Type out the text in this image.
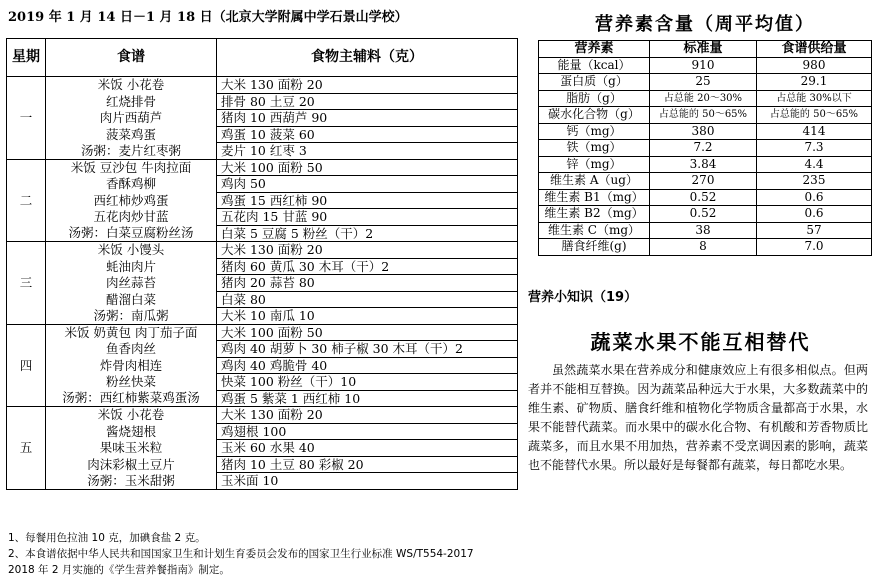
2019 年 1 月 14 日－1 月 18 日（北京大学附属中学石景山学校）
星期	食谱	食物主辅料（克）
一	米饭 小花卷	大米 130 面粉 20
	红烧排骨	排骨 80 土豆 20
	肉片西葫芦	猪肉 10 西葫芦 90
	菠菜鸡蛋	鸡蛋 10 菠菜 60
	汤粥：麦片红枣粥	麦片 10 红枣 3
二	米饭 豆沙包 牛肉拉面	大米 100 面粉 50
	香酥鸡柳	鸡肉 50
	西红柿炒鸡蛋	鸡蛋 15 西红柿 90
	五花肉炒甘蓝	五花肉 15 甘蓝 90
	汤粥：白菜豆腐粉丝汤	白菜 5 豆腐 5 粉丝（干）2
三	米饭 小馒头	大米 130 面粉 20
	蚝油肉片	猪肉 60 黄瓜 30 木耳（干）2
	肉丝蒜苔	猪肉 20 蒜苔 80
	醋溜白菜	白菜 80
	汤粥：南瓜粥	大米 10 南瓜 10
四	米饭 奶黄包 肉丁茄子面	大米 100 面粉 50
	鱼香肉丝	鸡肉 40 胡萝卜 30 柿子椒 30 木耳（干）2
	炸骨肉相连	鸡肉 40 鸡脆骨 40
	粉丝快菜	快菜 100 粉丝（干）10
	汤粥：西红柿紫菜鸡蛋汤	鸡蛋 5 紫菜 1 西红柿 10
五	米饭 小花卷	大米 130 面粉 20
	酱烧翅根	鸡翅根 100
	果味玉米粒	玉米 60 水果 40
	肉沫彩椒土豆片	猪肉 10 土豆 80 彩椒 20
	汤粥：玉米甜粥	玉米面 10
1、每餐用色拉油 10 克，加碘食盐 2 克。
2、本食谱依据中华人民共和国国家卫生和计划生育委员会发布的国家卫生行业标准 WS/T554-2017
2018 年 2 月实施的《学生营养餐指南》制定。
营养素含量（周平均值）
营养素	标准量	食谱供给量
能量（kcal）	910	980
蛋白质（g）	25	29.1
脂肪（g）	占总能 20～30%	占总能 30%以下
碳水化合物（g）	占总能的 50～65%	占总能的 50～65%
钙（mg）	380	414
铁（mg）	7.2	7.3
锌（mg）	3.84	4.4
维生素 A（ug）	270	235
维生素 B1（mg）	0.52	0.6
维生素 B2（mg）	0.52	0.6
维生素 C（mg）	38	57
膳食纤维(g)	8	7.0
营养小知识（19）
蔬菜水果不能互相替代
虽然蔬菜水果在营养成分和健康效应上有很多相似点。但两者并不能相互替换。因为蔬菜品种远大于水果，大多数蔬菜中的维生素、矿物质、膳食纤维和植物化学物质含量都高于水果，水果不能替代蔬菜。而水果中的碳水化合物、有机酸和芳香物质比蔬菜多，而且水果不用加热，营养素不受烹调因素的影响，蔬菜也不能替代水果。所以最好是每餐都有蔬菜，每日都吃水果。
